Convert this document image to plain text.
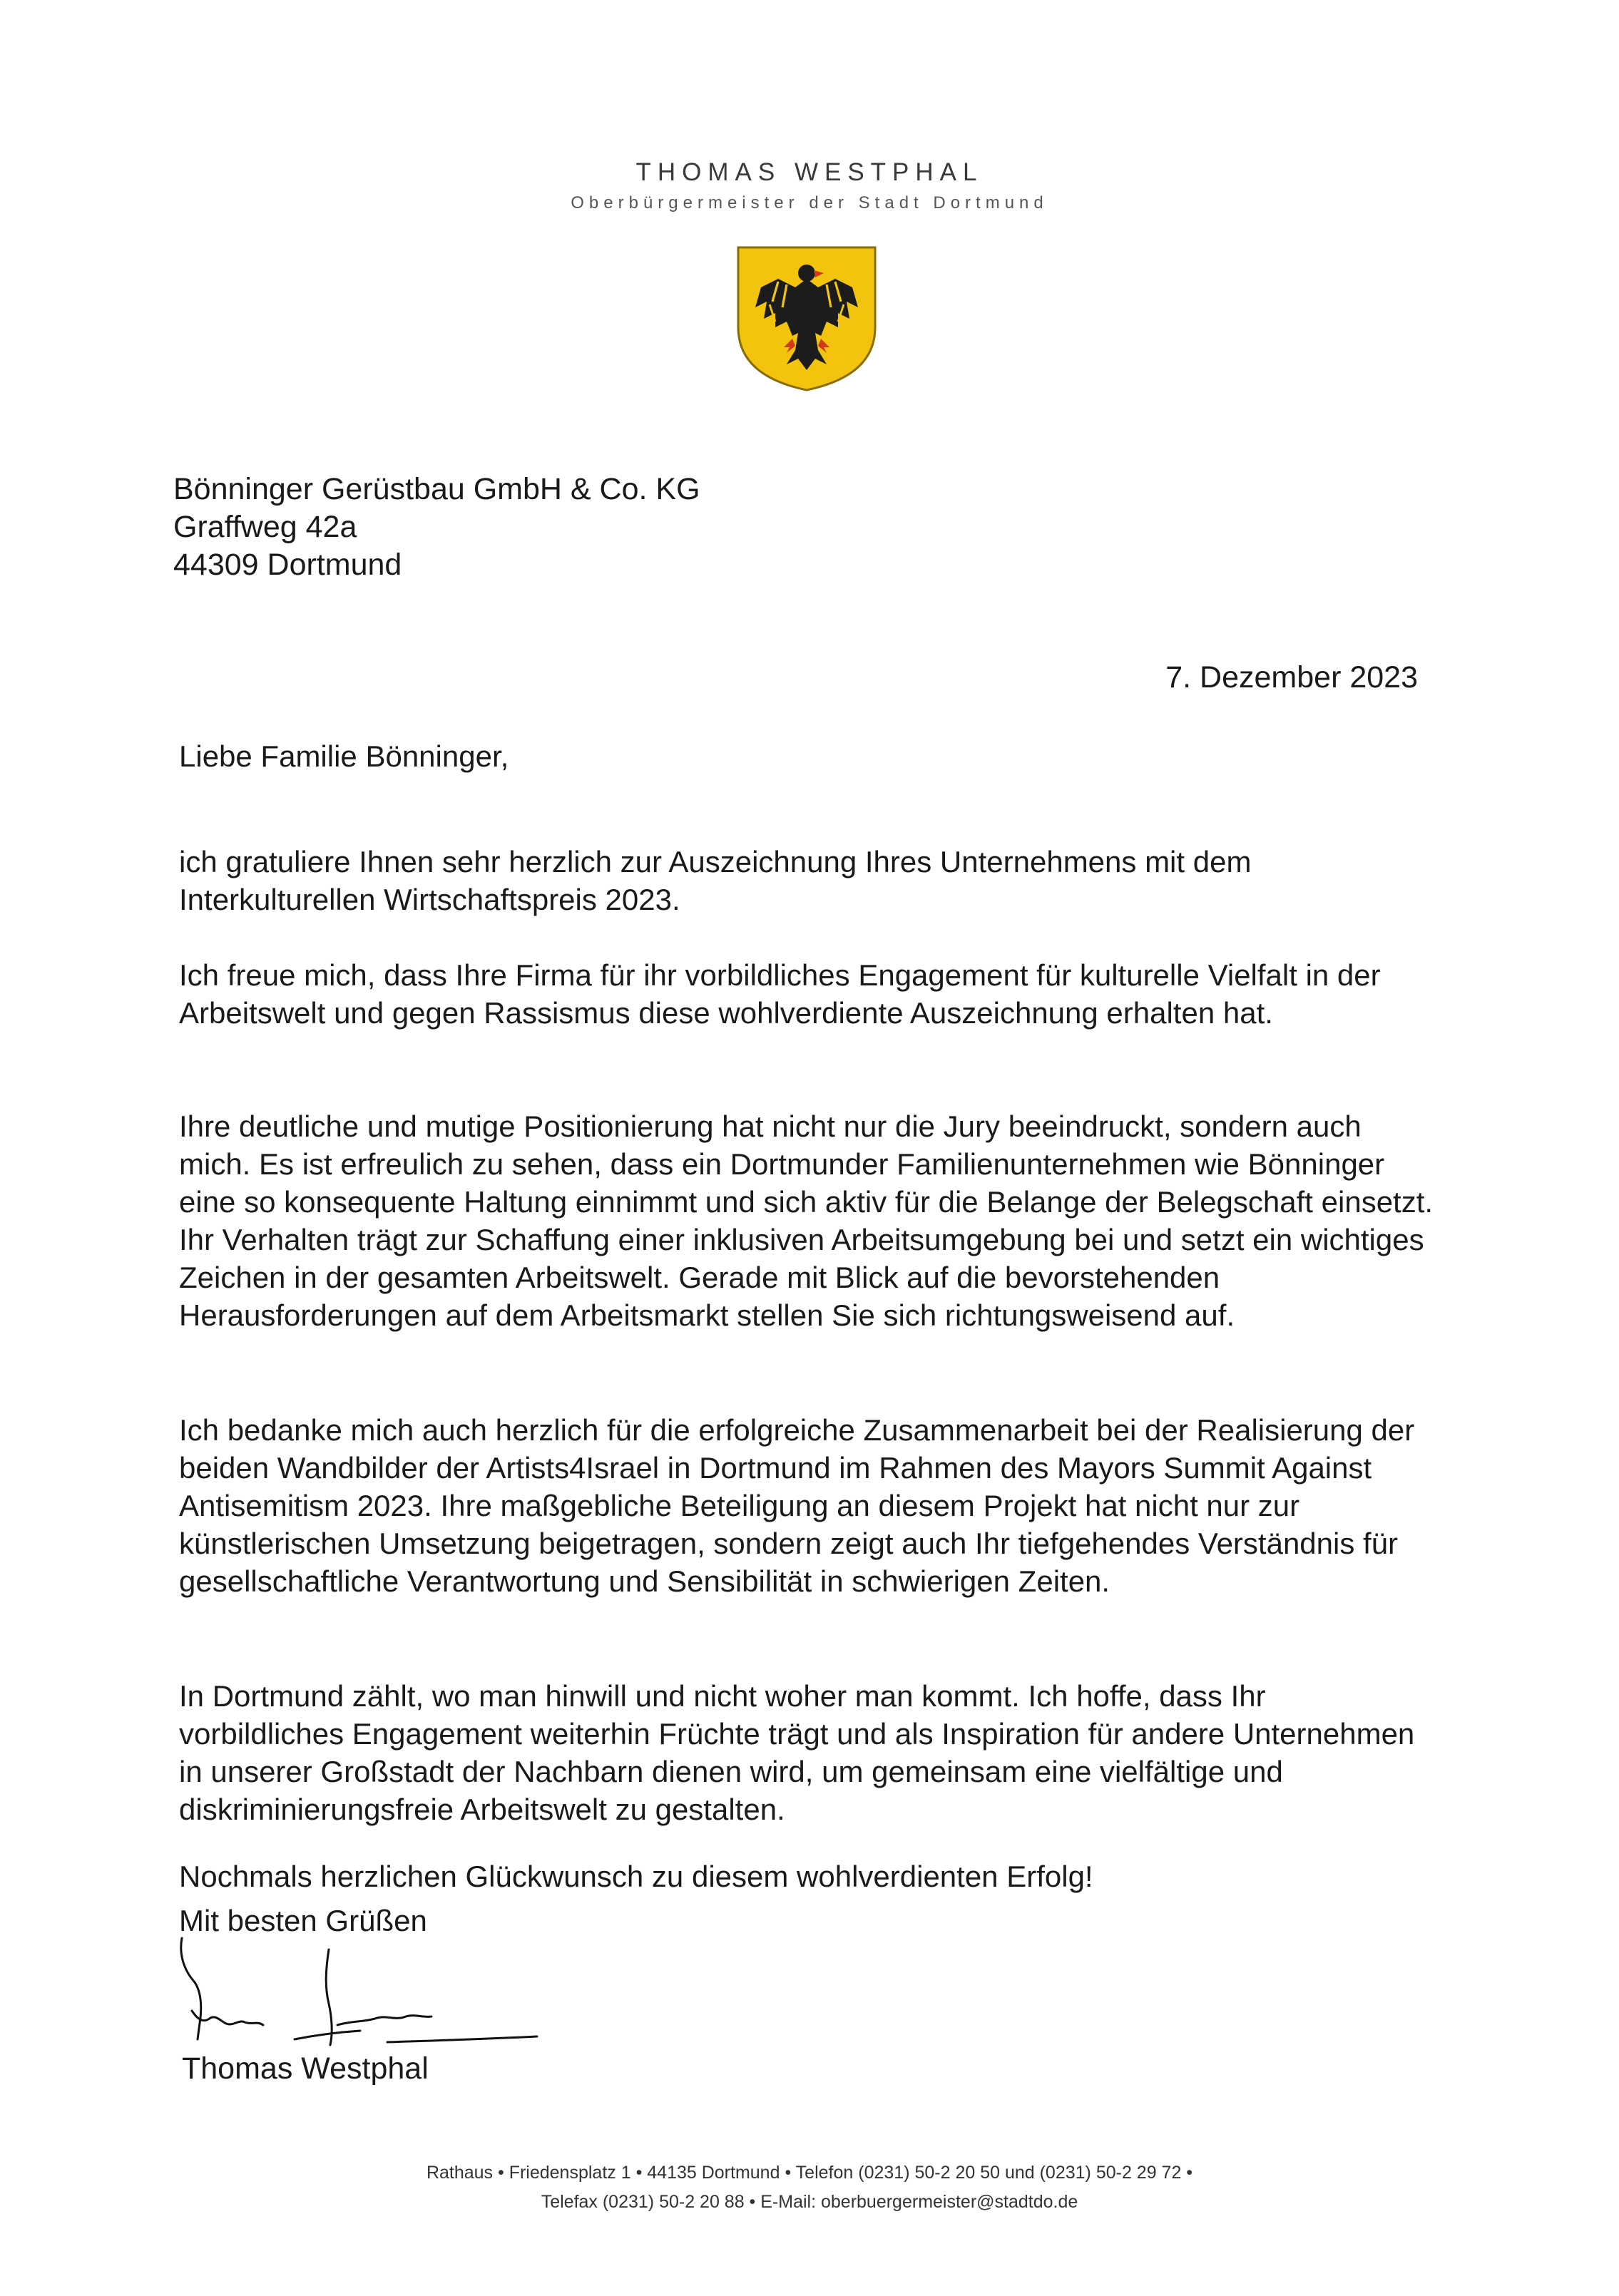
THOMAS WESTPHAL
Oberbürgermeister der Stadt Dortmund
Bönninger Gerüstbau GmbH & Co. KG
Graffweg 42a
44309 Dortmund
7. Dezember 2023
Liebe Familie Bönninger,

ich gratuliere Ihnen sehr herzlich zur Auszeichnung Ihres Unternehmens mit dem Interkulturellen Wirtschaftspreis 2023.

Ich freue mich, dass Ihre Firma für ihr vorbildliches Engagement für kulturelle Vielfalt in der Arbeitswelt und gegen Rassismus diese wohlverdiente Auszeichnung erhalten hat.

Ihre deutliche und mutige Positionierung hat nicht nur die Jury beeindruckt, sondern auch mich. Es ist erfreulich zu sehen, dass ein Dortmunder Familienunternehmen wie Bönninger eine so konsequente Haltung einnimmt und sich aktiv für die Belange der Belegschaft einsetzt. Ihr Verhalten trägt zur Schaffung einer inklusiven Arbeitsumgebung bei und setzt ein wichtiges Zeichen in der gesamten Arbeitswelt. Gerade mit Blick auf die bevorstehenden Herausforderungen auf dem Arbeitsmarkt stellen Sie sich richtungsweisend auf.

Ich bedanke mich auch herzlich für die erfolgreiche Zusammenarbeit bei der Realisierung der beiden Wandbilder der Artists4Israel in Dortmund im Rahmen des Mayors Summit Against Antisemitism 2023. Ihre maßgebliche Beteiligung an diesem Projekt hat nicht nur zur künstlerischen Umsetzung beigetragen, sondern zeigt auch Ihr tiefgehendes Verständnis für gesellschaftliche Verantwortung und Sensibilität in schwierigen Zeiten.

In Dortmund zählt, wo man hinwill und nicht woher man kommt. Ich hoffe, dass Ihr vorbildliches Engagement weiterhin Früchte trägt und als Inspiration für andere Unternehmen in unserer Großstadt der Nachbarn dienen wird, um gemeinsam eine vielfältige und diskriminierungsfreie Arbeitswelt zu gestalten.

Nochmals herzlichen Glückwunsch zu diesem wohlverdienten Erfolg!

Mit besten Grüßen
Thomas Westphal
Rathaus • Friedensplatz 1 • 44135 Dortmund • Telefon (0231) 50-2 20 50 und (0231) 50-2 29 72 •
Telefax (0231) 50-2 20 88 • E-Mail: oberbuergermeister@stadtdo.de
